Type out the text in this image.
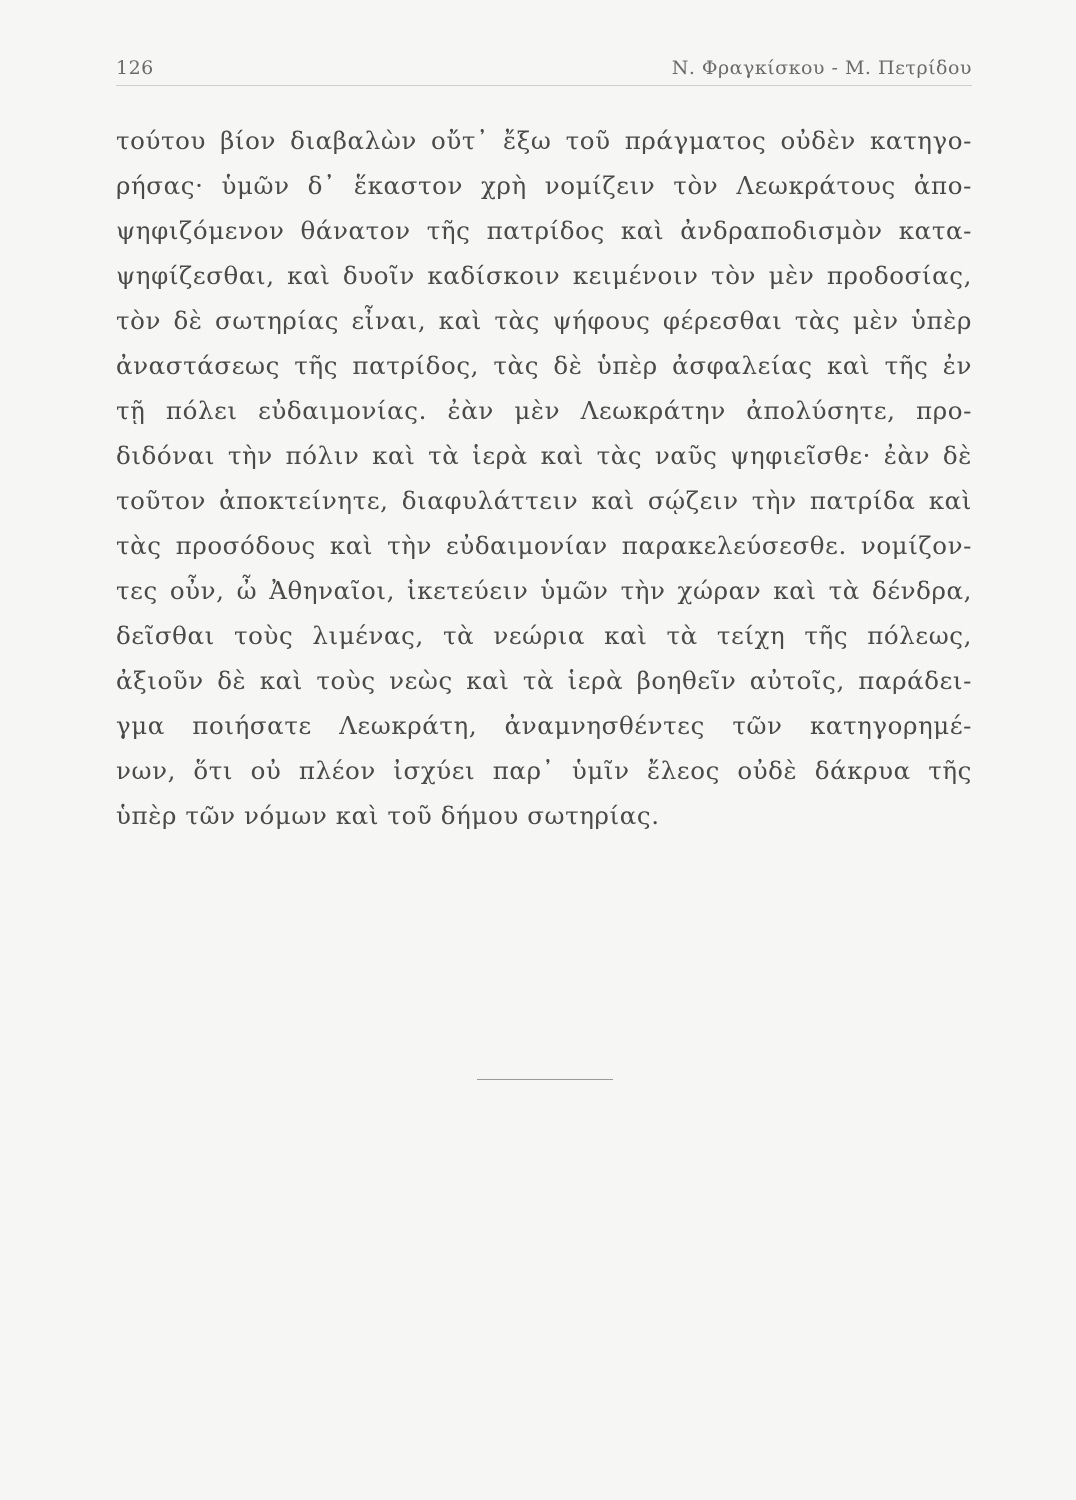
126	Ν. Φραγκίσκου - Μ. Πετρίδου
τούτου βίον διαβαλὼν οὔτ᾽ ἔξω τοῦ πράγματος οὐδὲν κατηγο-
ρήσας· ὑμῶν δ᾽ ἕκαστον χρὴ νομίζειν τὸν Λεωκράτους ἀπο-
ψηφιζόμενον θάνατον τῆς πατρίδος καὶ ἀνδραποδισμὸν κατα-
ψηφίζεσθαι, καὶ δυοῖν καδίσκοιν κειμένοιν τὸν μὲν προδοσίας,
τὸν δὲ σωτηρίας εἶναι, καὶ τὰς ψήφους φέρεσθαι τὰς μὲν ὑπὲρ
ἀναστάσεως τῆς πατρίδος, τὰς δὲ ὑπὲρ ἀσφαλείας καὶ τῆς ἐν
τῇ πόλει εὐδαιμονίας. ἐὰν μὲν Λεωκράτην ἀπολύσητε, προ-
διδόναι τὴν πόλιν καὶ τὰ ἱερὰ καὶ τὰς ναῦς ψηφιεῖσθε· ἐὰν δὲ
τοῦτον ἀποκτείνητε, διαφυλάττειν καὶ σῴζειν τὴν πατρίδα καὶ
τὰς προσόδους καὶ τὴν εὐδαιμονίαν παρακελεύσεσθε. νομίζον-
τες οὖν, ὦ Ἀθηναῖοι, ἱκετεύειν ὑμῶν τὴν χώραν καὶ τὰ δένδρα,
δεῖσθαι τοὺς λιμένας, τὰ νεώρια καὶ τὰ τείχη τῆς πόλεως,
ἀξιοῦν δὲ καὶ τοὺς νεὼς καὶ τὰ ἱερὰ βοηθεῖν αὐτοῖς, παράδει-
γμα ποιήσατε Λεωκράτη, ἀναμνησθέντες τῶν κατηγορημέ-
νων, ὅτι οὐ πλέον ἰσχύει παρ᾽ ὑμῖν ἔλεος οὐδὲ δάκρυα τῆς
ὑπὲρ τῶν νόμων καὶ τοῦ δήμου σωτηρίας.
